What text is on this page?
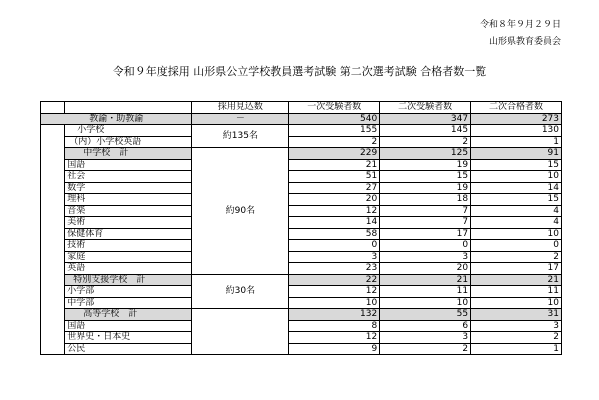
令和８年９月２９日
山形県教育委員会
令和９年度採用 山形県公立学校教員選考試験 第二次選考試験 合格者数一覧
		採用見込数	一次受験者数	二次受験者数	二次合格者数
教諭・助教諭		－	540	347	273
	小学校	約135名	155	145	130
	（内）小学校英語		2	2	1
	中学校　計	約90名	229	125	91
	国語		21	19	15
	社会		51	15	10
	数学		27	19	14
	理科		20	18	15
	音楽		12	7	4
	美術		14	7	4
	保健体育		58	17	10
	技術		0	0	0
	家庭		3	3	2
	英語		23	20	17
	特別支援学校　計	約30名	22	21	21
	小学部		12	11	11
	中学部		10	10	10
	高等学校　計		132	55	31
	国語		8	6	3
	世界史・日本史		12	3	2
	公民		9	2	1
